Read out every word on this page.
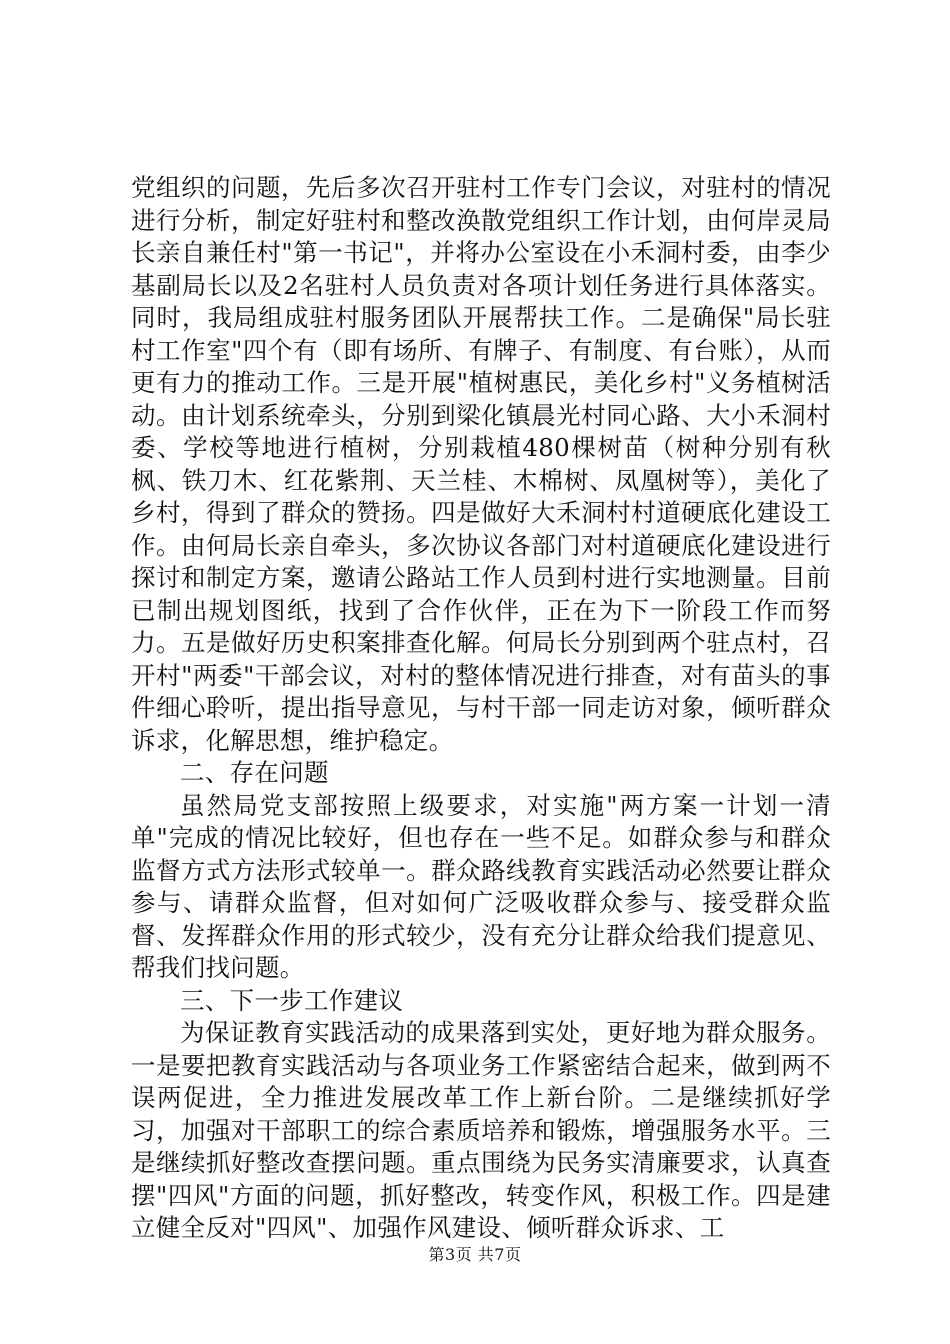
党组织的问题，先后多次召开驻村工作专门会议，对驻村的情况进行分析，制定好驻村和整改涣散党组织工作计划，由何岸灵局长亲自兼任村"第一书记"，并将办公室设在小禾洞村委，由李少基副局长以及2名驻村人员负责对各项计划任务进行具体落实。同时，我局组成驻村服务团队开展帮扶工作。二是确保"局长驻村工作室"四个有（即有场所、有牌子、有制度、有台账），从而更有力的推动工作。三是开展"植树惠民，美化乡村"义务植树活动。由计划系统牵头，分别到梁化镇晨光村同心路、大小禾洞村委、学校等地进行植树，分别栽植480棵树苗（树种分别有秋枫、铁刀木、红花紫荆、天兰桂、木棉树、凤凰树等），美化了乡村，得到了群众的赞扬。四是做好大禾洞村村道硬底化建设工作。由何局长亲自牵头，多次协议各部门对村道硬底化建设进行探讨和制定方案，邀请公路站工作人员到村进行实地测量。目前已制出规划图纸，找到了合作伙伴，正在为下一阶段工作而努力。五是做好历史积案排查化解。何局长分别到两个驻点村，召开村"两委"干部会议，对村的整体情况进行排查，对有苗头的事件细心聆听，提出指导意见，与村干部一同走访对象，倾听群众诉求，化解思想，维护稳定。

二、存在问题

虽然局党支部按照上级要求，对实施"两方案一计划一清单"完成的情况比较好，但也存在一些不足。如群众参与和群众监督方式方法形式较单一。群众路线教育实践活动必然要让群众参与、请群众监督，但对如何广泛吸收群众参与、接受群众监督、发挥群众作用的形式较少，没有充分让群众给我们提意见、帮我们找问题。

三、下一步工作建议

为保证教育实践活动的成果落到实处，更好地为群众服务。一是要把教育实践活动与各项业务工作紧密结合起来，做到两不误两促进，全力推进发展改革工作上新台阶。二是继续抓好学习，加强对干部职工的综合素质培养和锻炼，增强服务水平。三是继续抓好整改查摆问题。重点围绕为民务实清廉要求，认真查摆"四风"方面的问题，抓好整改，转变作风，积极工作。四是建立健全反对"四风"、加强作风建设、倾听群众诉求、工

第3页 共7页
